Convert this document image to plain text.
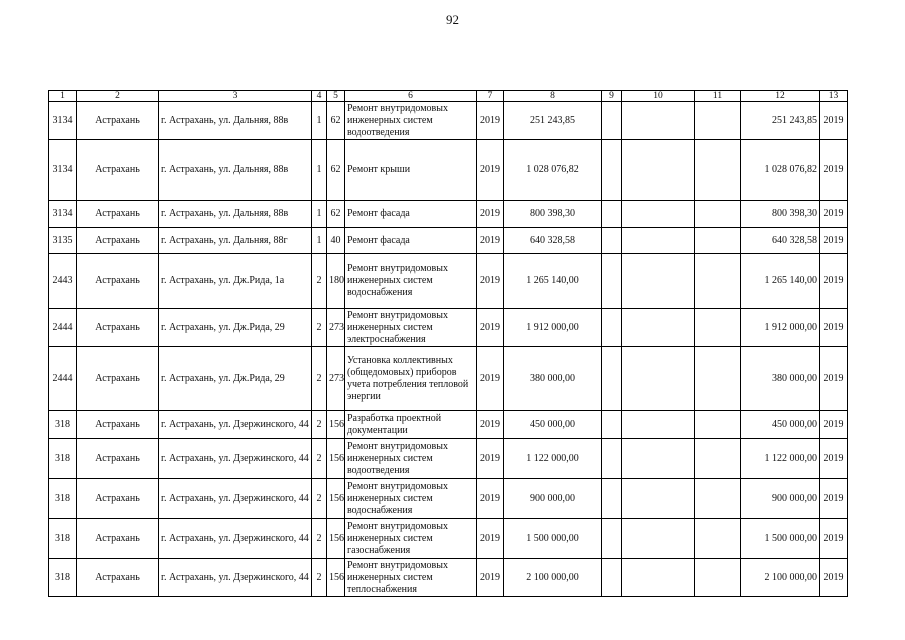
92
1	2	3	4	5	6	7	8	9	10	11	12	13
3134	Астрахань	г. Астрахань, ул. Дальняя, 88в	1	62	Ремонт внутридомовых инженерных систем водоотведения	2019	251 243,85				251 243,85	2019
3134	Астрахань	г. Астрахань, ул. Дальняя, 88в	1	62	Ремонт крыши	2019	1 028 076,82				1 028 076,82	2019
3134	Астрахань	г. Астрахань, ул. Дальняя, 88в	1	62	Ремонт фасада	2019	800 398,30				800 398,30	2019
3135	Астрахань	г. Астрахань, ул. Дальняя, 88г	1	40	Ремонт фасада	2019	640 328,58				640 328,58	2019
2443	Астрахань	г. Астрахань, ул. Дж.Рида, 1а	2	180	Ремонт внутридомовых инженерных систем водоснабжения	2019	1 265 140,00				1 265 140,00	2019
2444	Астрахань	г. Астрахань, ул. Дж.Рида, 29	2	273	Ремонт внутридомовых инженерных систем электроснабжения	2019	1 912 000,00				1 912 000,00	2019
2444	Астрахань	г. Астрахань, ул. Дж.Рида, 29	2	273	Установка коллективных (общедомовых) приборов учета потребления тепловой энергии	2019	380 000,00				380 000,00	2019
318	Астрахань	г. Астрахань, ул. Дзержинского, 44	2	156	Разработка проектной документации	2019	450 000,00				450 000,00	2019
318	Астрахань	г. Астрахань, ул. Дзержинского, 44	2	156	Ремонт внутридомовых инженерных систем водоотведения	2019	1 122 000,00				1 122 000,00	2019
318	Астрахань	г. Астрахань, ул. Дзержинского, 44	2	156	Ремонт внутридомовых инженерных систем водоснабжения	2019	900 000,00				900 000,00	2019
318	Астрахань	г. Астрахань, ул. Дзержинского, 44	2	156	Ремонт внутридомовых инженерных систем газоснабжения	2019	1 500 000,00				1 500 000,00	2019
318	Астрахань	г. Астрахань, ул. Дзержинского, 44	2	156	Ремонт внутридомовых инженерных систем теплоснабжения	2019	2 100 000,00				2 100 000,00	2019
